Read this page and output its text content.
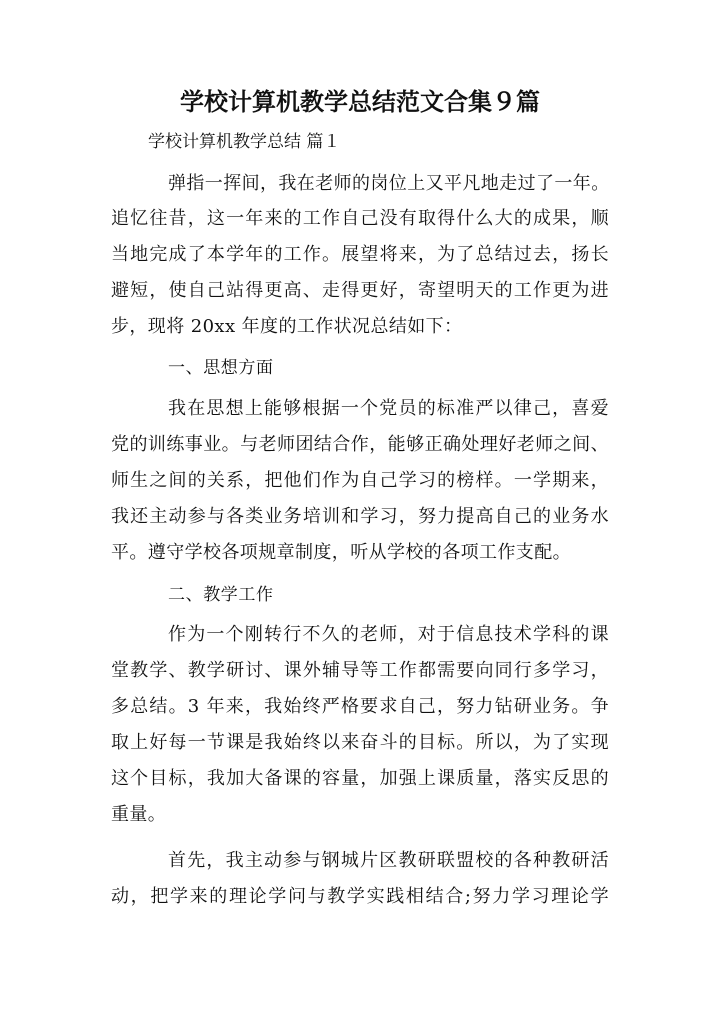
学校计算机教学总结范文合集９篇
学校计算机教学总结 篇１
弹指一挥间，我在老师的岗位上又平凡地走过了一年。
追忆往昔，这一年来的工作自己没有取得什么大的成果，顺
当地完成了本学年的工作。展望将来，为了总结过去，扬长
避短，使自己站得更高、走得更好，寄望明天的工作更为进
步，现将 20xx 年度的工作状况总结如下：
一、思想方面
我在思想上能够根据一个党员的标准严以律己，喜爱
党的训练事业。与老师团结合作，能够正确处理好老师之间、
师生之间的关系，把他们作为自己学习的榜样。一学期来，
我还主动参与各类业务培训和学习，努力提高自己的业务水
平。遵守学校各项规章制度，听从学校的各项工作支配。
二、教学工作
作为一个刚转行不久的老师，对于信息技术学科的课
堂教学、教学研讨、课外辅导等工作都需要向同行多学习，
多总结。3 年来，我始终严格要求自己，努力钻研业务。争
取上好每一节课是我始终以来奋斗的目标。所以，为了实现
这个目标，我加大备课的容量，加强上课质量，落实反思的
重量。
首先，我主动参与钢城片区教研联盟校的各种教研活
动，把学来的理论学问与教学实践相结合;努力学习理论学
